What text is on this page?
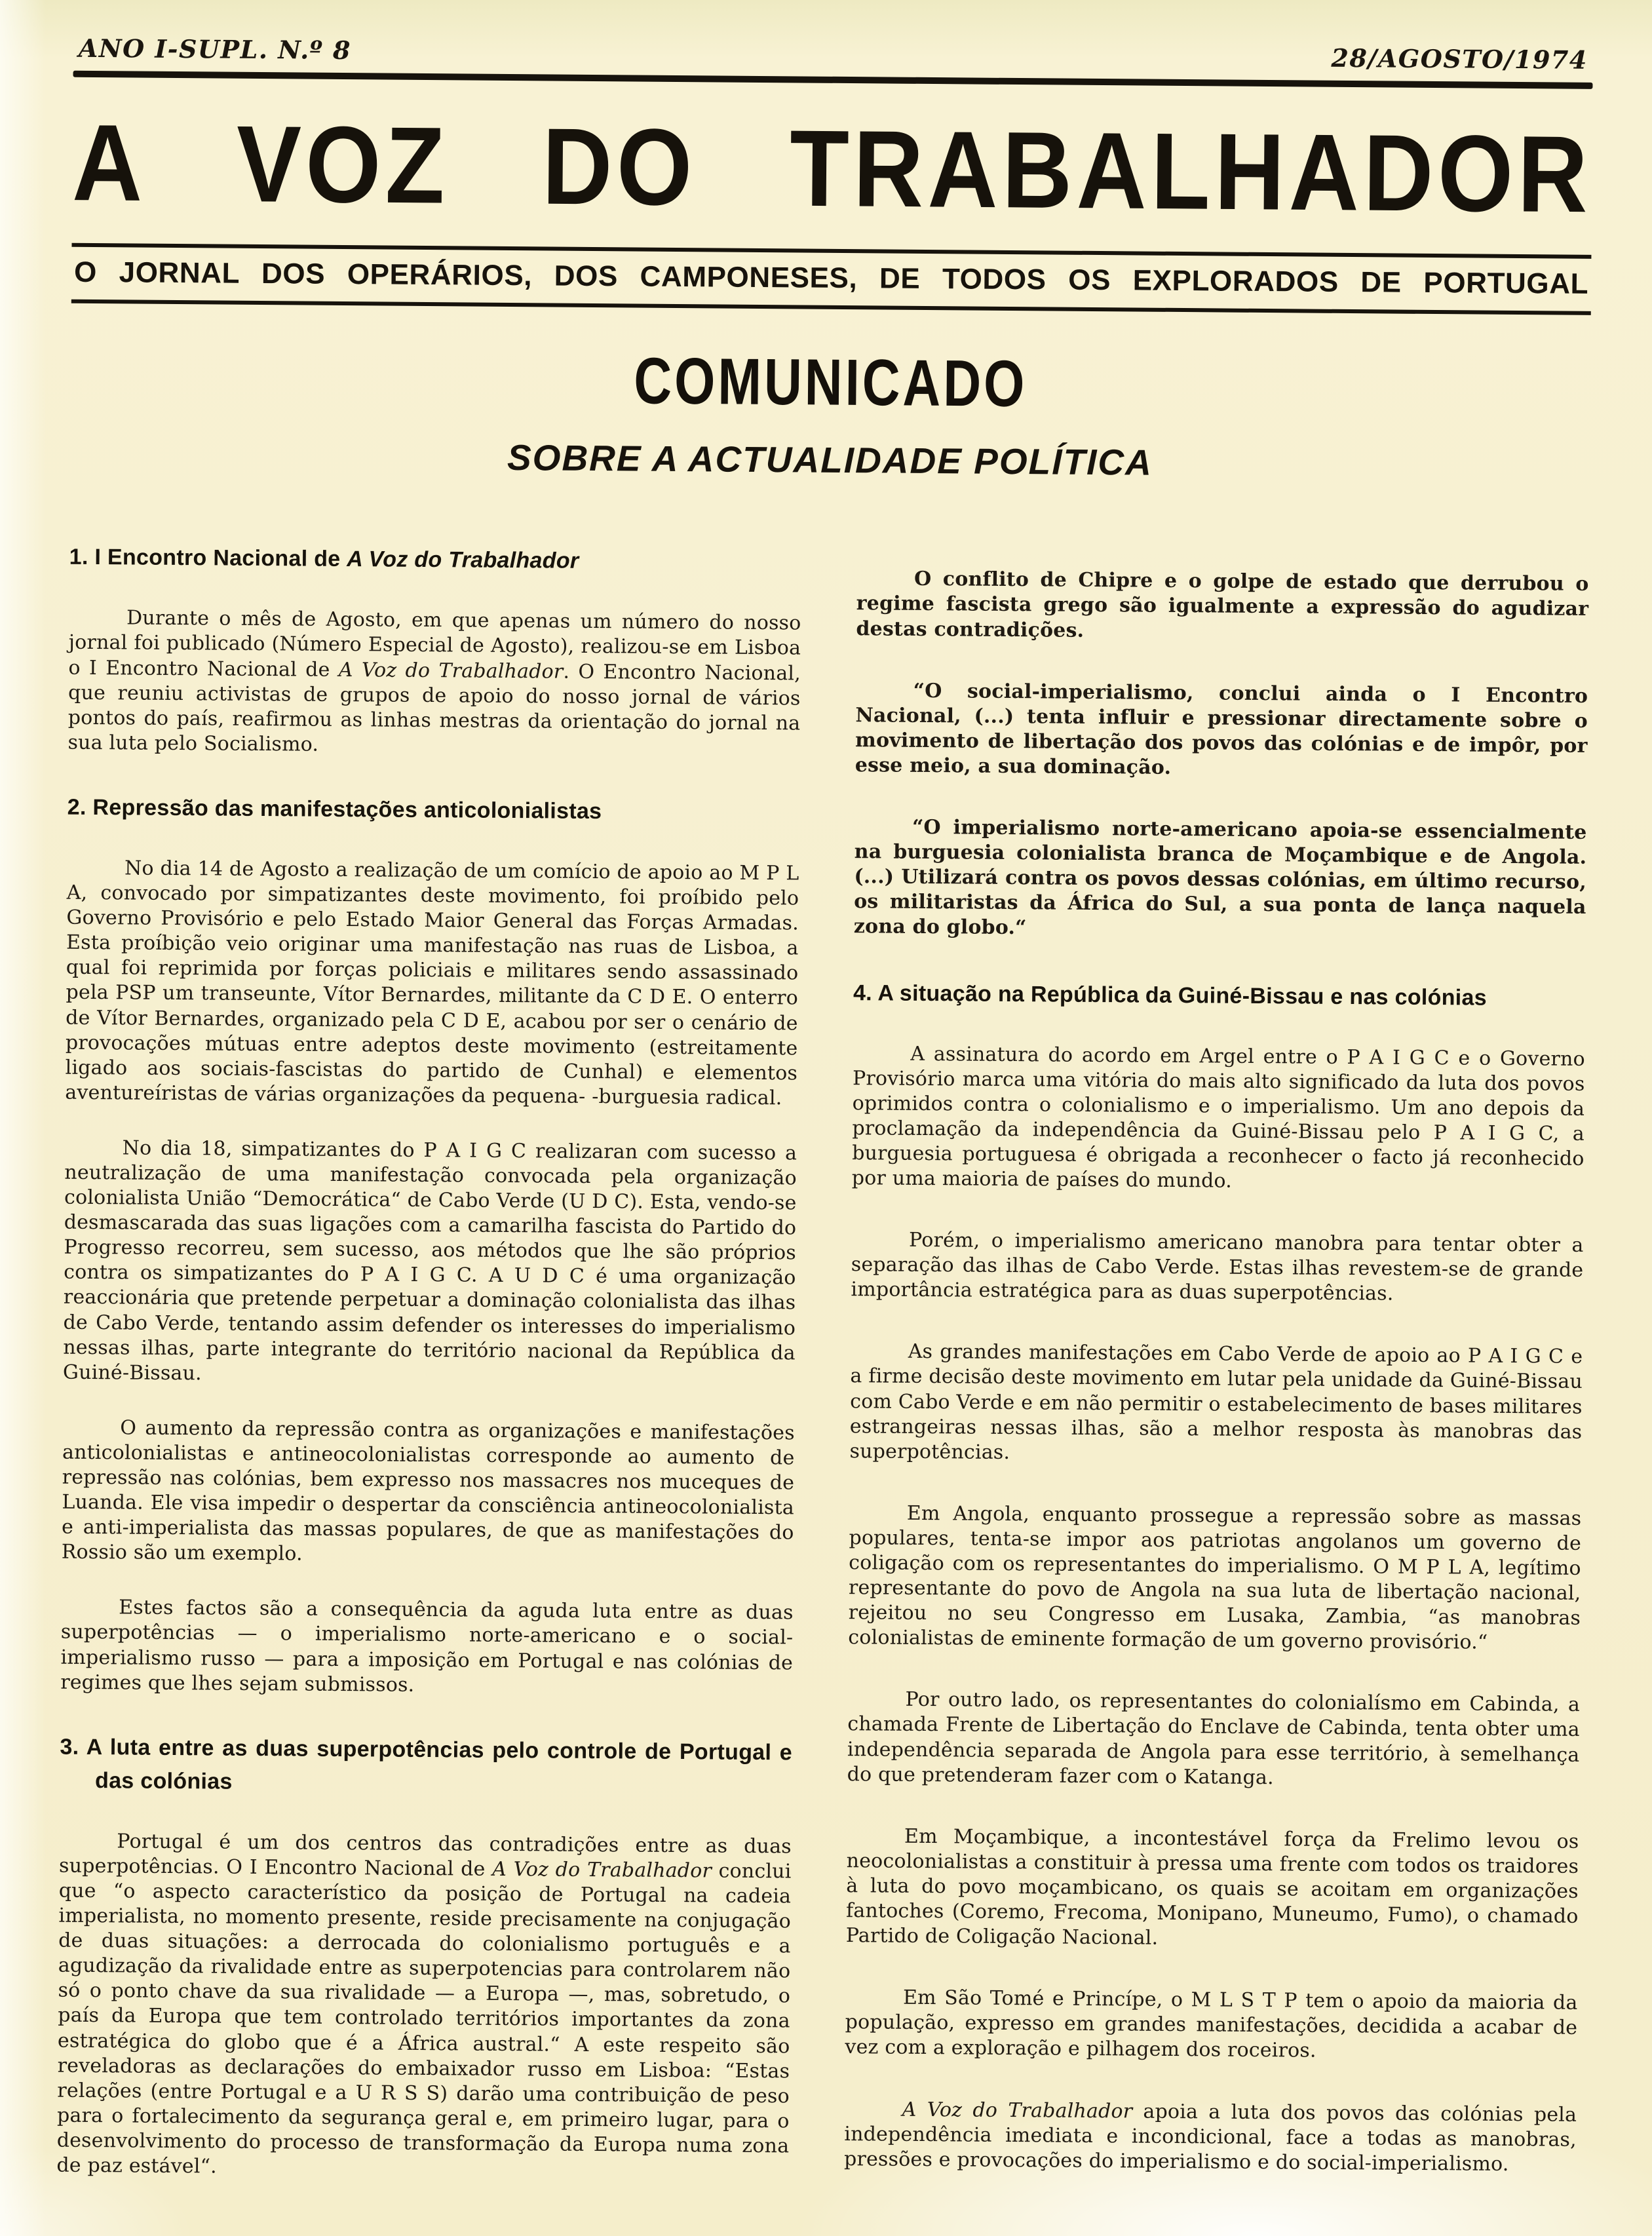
ANO I-SUPL. N.º 8	28/AGOSTO/1974
A VOZ DO TRABALHADOR
O JORNAL DOS OPERÁRIOS, DOS CAMPONESES, DE TODOS OS EXPLORADOS DE PORTUGAL
COMUNICADO
SOBRE A ACTUALIDADE POLÍTICA
1. I Encontro Nacional de A Voz do Trabalhador

Durante o mês de Agosto, em que apenas um número do nosso jornal foi publicado (Número Especial de Agosto), realizou-se em Lisboa o I Encontro Nacional de A Voz do Trabalhador. O Encontro Nacional, que reuniu activistas de grupos de apoio do nosso jornal de vários pontos do país, reafirmou as linhas mestras da orientação do jornal na sua luta pelo Socialismo.

2. Repressão das manifestações anticolonialistas

No dia 14 de Agosto a realização de um comício de apoio ao M P L A, convocado por simpatizantes deste movimento, foi proíbido pelo Governo Provisório e pelo Estado Maior General das Forças Armadas. Esta proíbição veio originar uma manifestação nas ruas de Lisboa, a qual foi reprimida por forças policiais e militares sendo assassinado pela PSP um transeunte, Vítor Bernardes, militante da C D E. O enterro de Vítor Bernardes, organizado pela C D E, acabou por ser o cenário de provocações mútuas entre adeptos deste movimento (estreitamente ligado aos sociais-fascistas do partido de Cunhal) e elementos aventureíristas de várias organizações da pequena- -burguesia radical.

No dia 18, simpatizantes do P A I G C realizaran com sucesso a neutralização de uma manifestação convocada pela organização colonialista União “Democrática“ de Cabo Verde (U D C). Esta, vendo-se desmascarada das suas ligações com a camarilha fascista do Partido do Progresso recorreu, sem sucesso, aos métodos que lhe são próprios contra os simpatizantes do P A I G C. A U D C é uma organização reaccionária que pretende perpetuar a dominação colonialista das ilhas de Cabo Verde, tentando assim defender os interesses do imperialismo nessas ilhas, parte integrante do território nacional da República da Guiné-Bissau.

O aumento da repressão contra as organizações e manifestações anticolonialistas e antineocolonialistas corresponde ao aumento de repressão nas colónias, bem expresso nos massacres nos muceques de Luanda. Ele visa impedir o despertar da consciência antineocolonialista e anti-imperialista das massas populares, de que as manifestações do Rossio são um exemplo.

Estes factos são a consequência da aguda luta entre as duas superpotências — o imperialismo norte-americano e o social-imperialismo russo — para a imposição em Portugal e nas colónias de regimes que lhes sejam submissos.

3. A luta entre as duas superpotências pelo controle de Portugal e das colónias

Portugal é um dos centros das contradições entre as duas superpotências. O I Encontro Nacional de A Voz do Trabalhador conclui que “o aspecto característico da posição de Portugal na cadeia imperialista, no momento presente, reside precisamente na conjugação de duas situações: a derrocada do colonialismo português e a agudização da rivalidade entre as superpotencias para controlarem não só o ponto chave da sua rivalidade — a Europa —, mas, sobretudo, o país da Europa que tem controlado territórios importantes da zona estratégica do globo que é a África austral.“ A este respeito são reveladoras as declarações do embaixador russo em Lisboa: “Estas relações (entre Portugal e a U R S S) darão uma contribuição de peso para o fortalecimento da segurança geral e, em primeiro lugar, para o desenvolvimento do processo de transformação da Europa numa zona de paz estável“.

O conflito de Chipre e o golpe de estado que derrubou o regime fascista grego são igualmente a expressão do agudizar destas contradições.

“O social-imperialismo, conclui ainda o I Encontro Nacional, (...) tenta influir e pressionar directamente sobre o movimento de libertação dos povos das colónias e de impôr, por esse meio, a sua dominação.

“O imperialismo norte-americano apoia-se essencialmente na burguesia colonialista branca de Moçambique e de Angola. (...) Utilizará contra os povos dessas colónias, em último recurso, os militaristas da África do Sul, a sua ponta de lança naquela zona do globo.“

4. A situação na República da Guiné-Bissau e nas colónias

A assinatura do acordo em Argel entre o P A I G C e o Governo Provisório marca uma vitória do mais alto significado da luta dos povos oprimidos contra o colonialismo e o imperialismo. Um ano depois da proclamação da independência da Guiné-Bissau pelo P A I G C, a burguesia portuguesa é obrigada a reconhecer o facto já reconhecido por uma maioria de países do mundo.

Porém, o imperialismo americano manobra para tentar obter a separação das ilhas de Cabo Verde. Estas ilhas revestem-se de grande importância estratégica para as duas superpotências.

As grandes manifestações em Cabo Verde de apoio ao P A I G C e a firme decisão deste movimento em lutar pela unidade da Guiné-Bissau com Cabo Verde e em não permitir o estabelecimento de bases militares estrangeiras nessas ilhas, são a melhor resposta às manobras das superpotências.

Em Angola, enquanto prossegue a repressão sobre as massas populares, tenta-se impor aos patriotas angolanos um governo de coligação com os representantes do imperialismo. O M P L A, legítimo representante do povo de Angola na sua luta de libertação nacional, rejeitou no seu Congresso em Lusaka, Zambia, “as manobras colonialistas de eminente formação de um governo provisório.“

Por outro lado, os representantes do colonialísmo em Cabinda, a chamada Frente de Libertação do Enclave de Cabinda, tenta obter uma independência separada de Angola para esse território, à semelhança do que pretenderam fazer com o Katanga.

Em Moçambique, a incontestável força da Frelimo levou os neocolonialistas a constituir à pressa uma frente com todos os traidores à luta do povo moçambicano, os quais se acoitam em organizações fantoches (Coremo, Frecoma, Monipano, Muneumo, Fumo), o chamado Partido de Coligação Nacional.

Em São Tomé e Princípe, o M L S T P tem o apoio da maioria da população, expresso em grandes manifestações, decidida a acabar de vez com a exploração e pilhagem dos roceiros.

A Voz do Trabalhador apoia a luta dos povos das colónias pela independência imediata e incondicional, face a todas as manobras, pressões e provocações do imperialismo e do social-imperialismo.
